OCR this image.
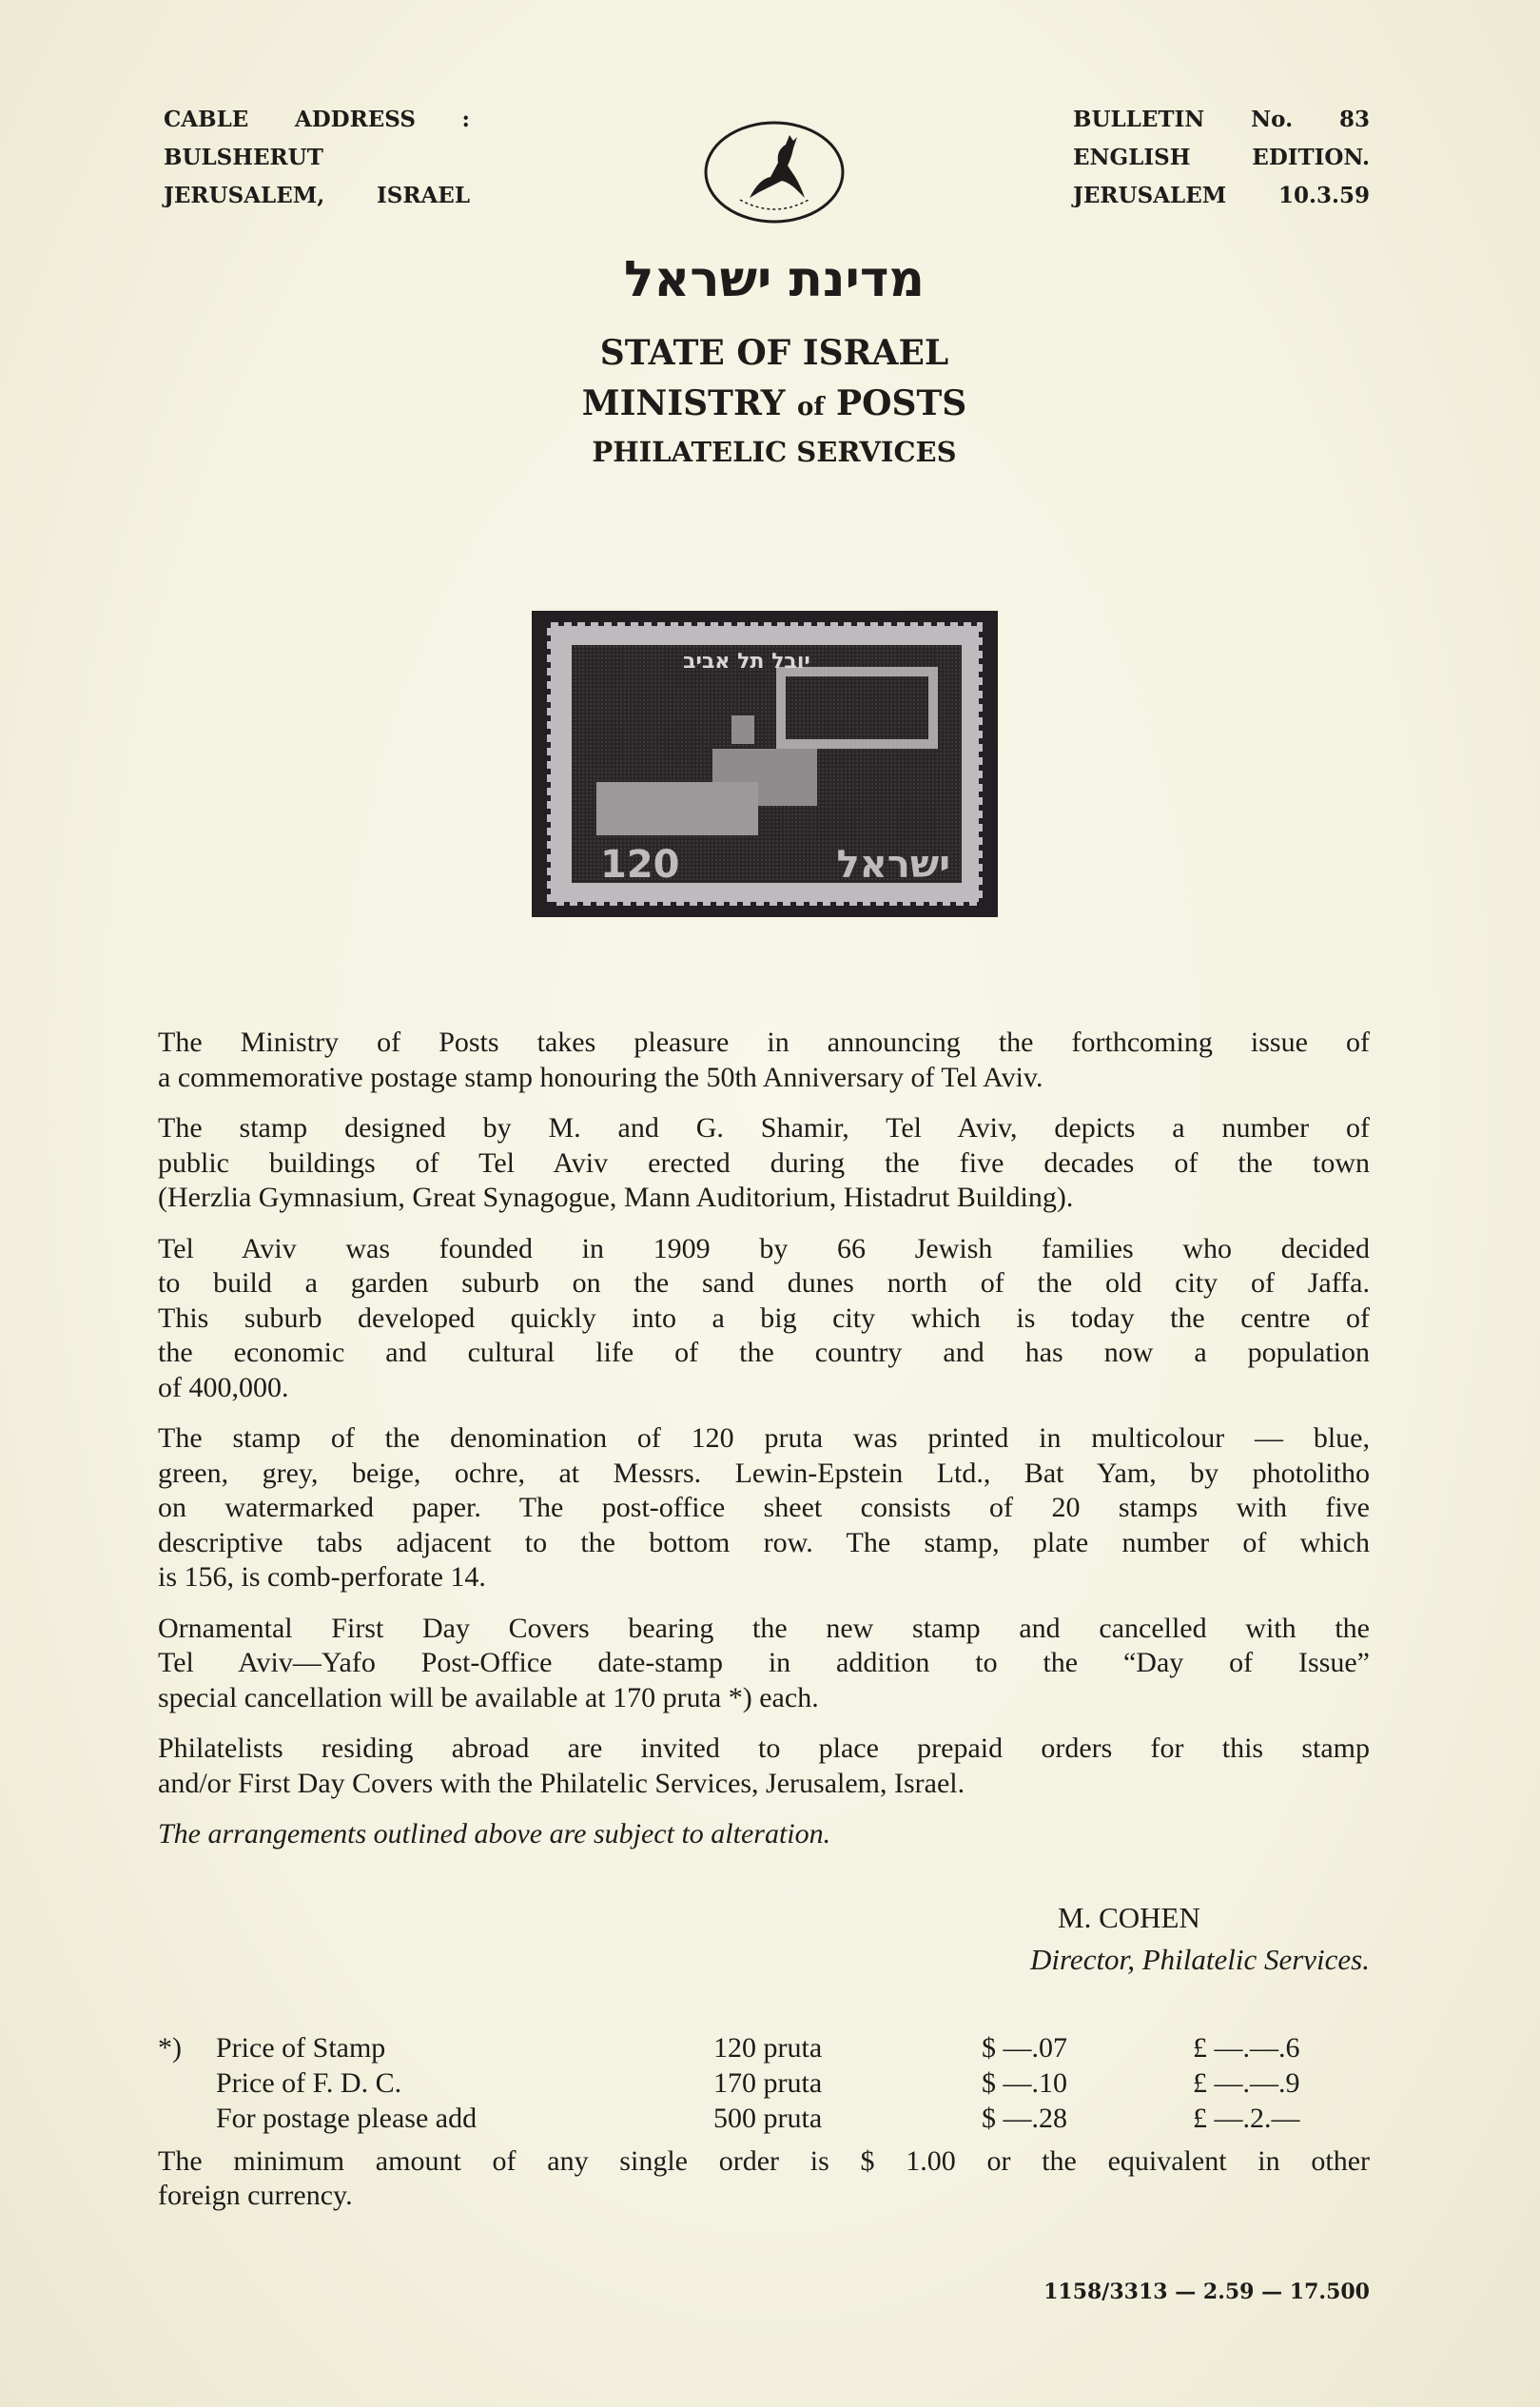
CABLE ADDRESS :
BULSHERUT
JERUSALEM, ISRAEL
BULLETIN No. 83
ENGLISH EDITION.
JERUSALEM 10.3.59
מדינת ישראל
STATE OF ISRAEL
MINISTRY of POSTS
PHILATELIC SERVICES
יובל תל אביב
120	ישראל
The Ministry of Posts takes pleasure in announcing the forthcoming issue of
a commemorative postage stamp honouring the 50th Anniversary of Tel Aviv.
The stamp designed by M. and G. Shamir, Tel Aviv, depicts a number of
public buildings of Tel Aviv erected during the five decades of the town
(Herzlia Gymnasium, Great Synagogue, Mann Auditorium, Histadrut Building).
Tel Aviv was founded in 1909 by 66 Jewish families who decided
to build a garden suburb on the sand dunes north of the old city of Jaffa.
This suburb developed quickly into a big city which is today the centre of
the economic and cultural life of the country and has now a population
of 400,000.
The stamp of the denomination of 120 pruta was printed in multicolour — blue,
green, grey, beige, ochre, at Messrs. Lewin-Epstein Ltd., Bat Yam, by photolitho
on watermarked paper. The post-office sheet consists of 20 stamps with five
descriptive tabs adjacent to the bottom row. The stamp, plate number of which
is 156, is comb-perforate 14.
Ornamental First Day Covers bearing the new stamp and cancelled with the
Tel Aviv—Yafo Post-Office date-stamp in addition to the “Day of Issue”
special cancellation will be available at 170 pruta *) each.
Philatelists residing abroad are invited to place prepaid orders for this stamp
and/or First Day Covers with the Philatelic Services, Jerusalem, Israel.
The arrangements outlined above are subject to alteration.
M. COHEN
Director, Philatelic Services.
*) Price of Stamp	120 pruta	$ —.07	£ —.—.6
Price of F. D. C.	170 pruta	$ —.10	£ —.—.9
For postage please add	500 pruta	$ —.28	£ —.2.—
The minimum amount of any single order is $ 1.00 or the equivalent in other
foreign currency.
1158/3313 — 2.59 — 17.500
